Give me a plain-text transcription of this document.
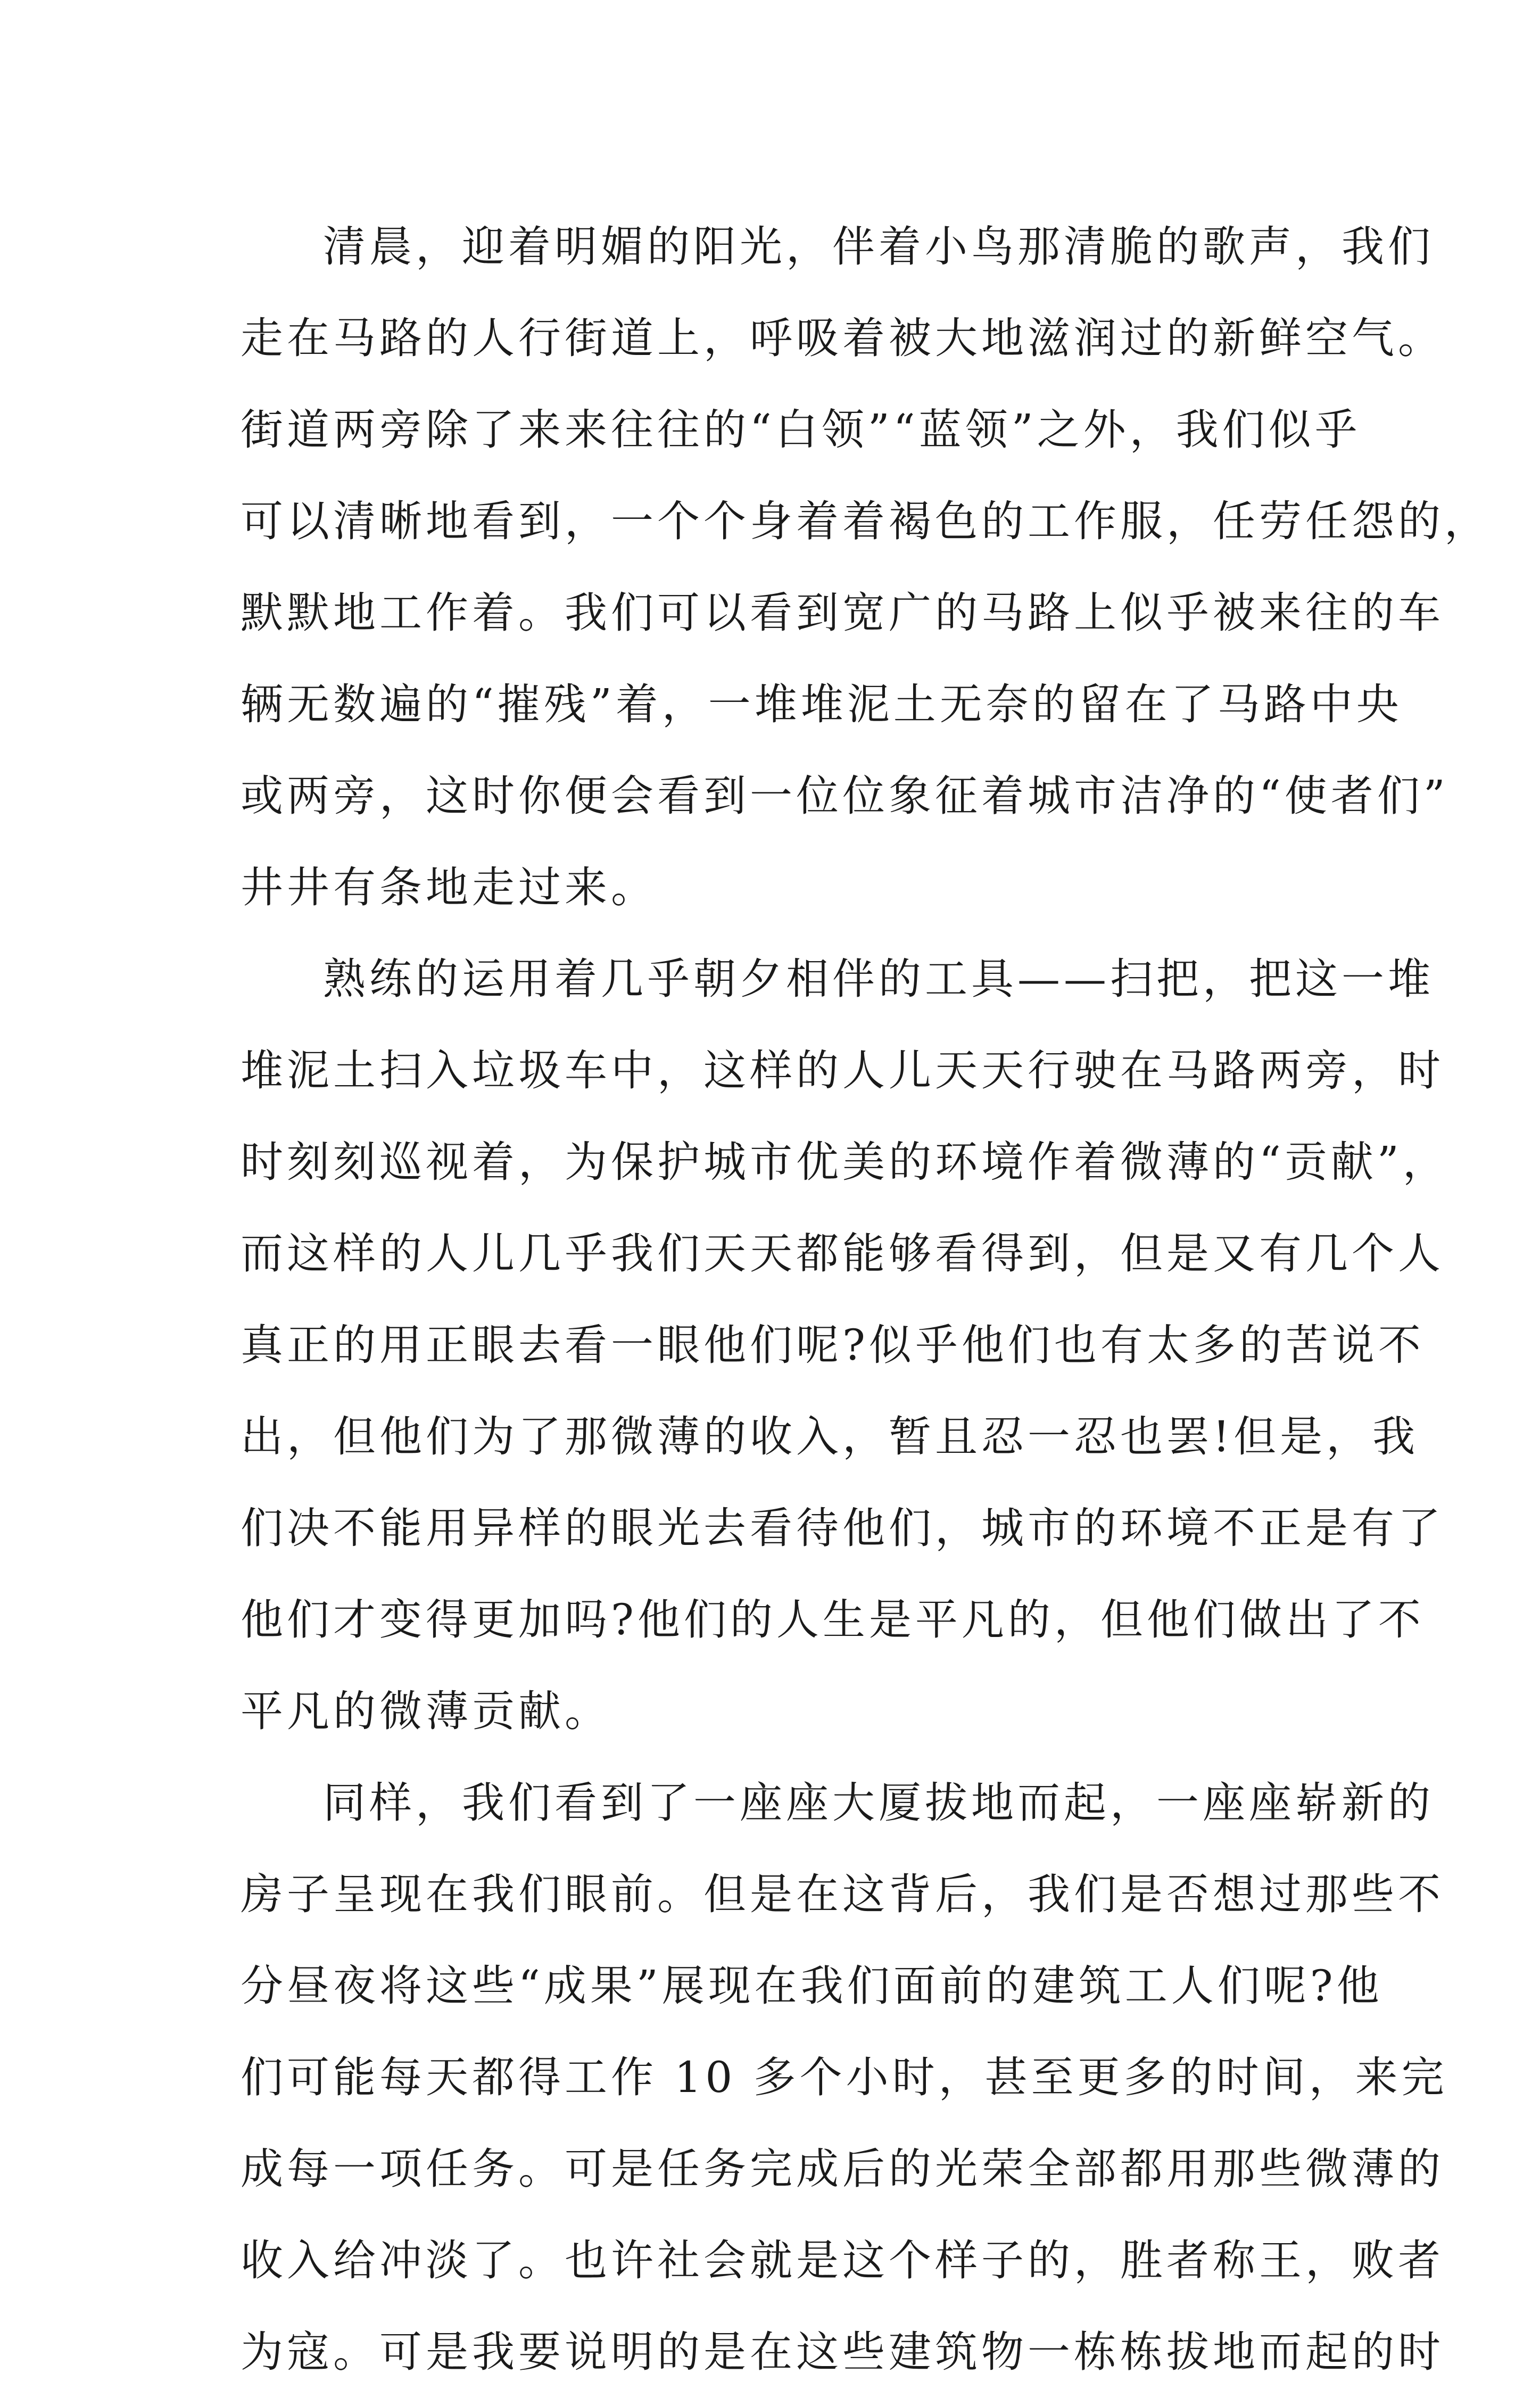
清晨，迎着明媚的阳光，伴着小鸟那清脆的歌声，我们
走在马路的人行街道上，呼吸着被大地滋润过的新鲜空气。
街道两旁除了来来往往的“白领”“蓝领”之外，我们似乎
可以清晰地看到，一个个身着着褐色的工作服，任劳任怨的，
默默地工作着。我们可以看到宽广的马路上似乎被来往的车
辆无数遍的“摧残”着，一堆堆泥土无奈的留在了马路中央
或两旁，这时你便会看到一位位象征着城市洁净的“使者们”
井井有条地走过来。
熟练的运用着几乎朝夕相伴的工具——扫把，把这一堆
堆泥土扫入垃圾车中，这样的人儿天天行驶在马路两旁，时
时刻刻巡视着，为保护城市优美的环境作着微薄的“贡献”，
而这样的人儿几乎我们天天都能够看得到，但是又有几个人
真正的用正眼去看一眼他们呢?似乎他们也有太多的苦说不
出，但他们为了那微薄的收入，暂且忍一忍也罢!但是，我
们决不能用异样的眼光去看待他们，城市的环境不正是有了
他们才变得更加吗?他们的人生是平凡的，但他们做出了不
平凡的微薄贡献。
同样，我们看到了一座座大厦拔地而起，一座座崭新的
房子呈现在我们眼前。但是在这背后，我们是否想过那些不
分昼夜将这些“成果”展现在我们面前的建筑工人们呢?他
们可能每天都得工作 10 多个小时，甚至更多的时间，来完
成每一项任务。可是任务完成后的光荣全部都用那些微薄的
收入给冲淡了。也许社会就是这个样子的，胜者称王，败者
为寇。可是我要说明的是在这些建筑物一栋栋拔地而起的时
